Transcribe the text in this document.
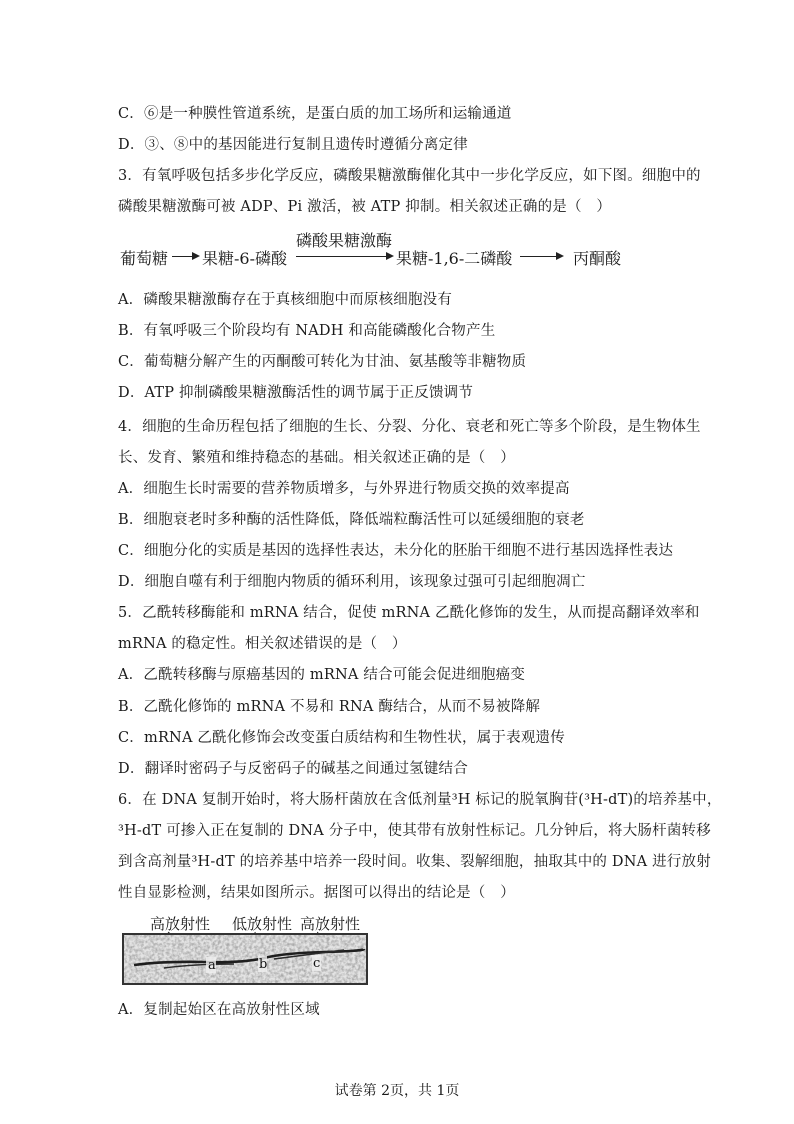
C．⑥是一种膜性管道系统，是蛋白质的加工场所和运输通道
D．③、⑧中的基因能进行复制且遗传时遵循分离定律
3．有氧呼吸包括多步化学反应，磷酸果糖激酶催化其中一步化学反应，如下图。细胞中的
磷酸果糖激酶可被 ADP、Pi 激活，被 ATP 抑制。相关叙述正确的是（　）
葡萄糖 果糖-6-磷酸
磷酸果糖激酶
果糖-1,6-二磷酸	丙酮酸
A．磷酸果糖激酶存在于真核细胞中而原核细胞没有
B．有氧呼吸三个阶段均有 NADH 和高能磷酸化合物产生
C．葡萄糖分解产生的丙酮酸可转化为甘油、氨基酸等非糖物质
D．ATP 抑制磷酸果糖激酶活性的调节属于正反馈调节
4．细胞的生命历程包括了细胞的生长、分裂、分化、衰老和死亡等多个阶段，是生物体生
长、发育、繁殖和维持稳态的基础。相关叙述正确的是（　）
A．细胞生长时需要的营养物质增多，与外界进行物质交换的效率提高
B．细胞衰老时多种酶的活性降低，降低端粒酶活性可以延缓细胞的衰老
C．细胞分化的实质是基因的选择性表达，未分化的胚胎干细胞不进行基因选择性表达
D．细胞自噬有利于细胞内物质的循环利用，该现象过强可引起细胞凋亡
5．乙酰转移酶能和 mRNA 结合，促使 mRNA 乙酰化修饰的发生，从而提高翻译效率和
mRNA 的稳定性。相关叙述错误的是（　）
A．乙酰转移酶与原癌基因的 mRNA 结合可能会促进细胞癌变
B．乙酰化修饰的 mRNA 不易和 RNA 酶结合，从而不易被降解
C．mRNA 乙酰化修饰会改变蛋白质结构和生物性状，属于表观遗传
D．翻译时密码子与反密码子的碱基之间通过氢键结合
6．在 DNA 复制开始时，将大肠杆菌放在含低剂量³H 标记的脱氧胸苷(³H-dT)的培养基中，
³H-dT 可掺入正在复制的 DNA 分子中，使其带有放射性标记。几分钟后，将大肠杆菌转移
到含高剂量³H-dT 的培养基中培养一段时间。收集、裂解细胞，抽取其中的 DNA 进行放射
性自显影检测，结果如图所示。据图可以得出的结论是（　）
高放射性 低放射性 高放射性
a	b	c
A．复制起始区在高放射性区域
试卷第 2页，共 1页
